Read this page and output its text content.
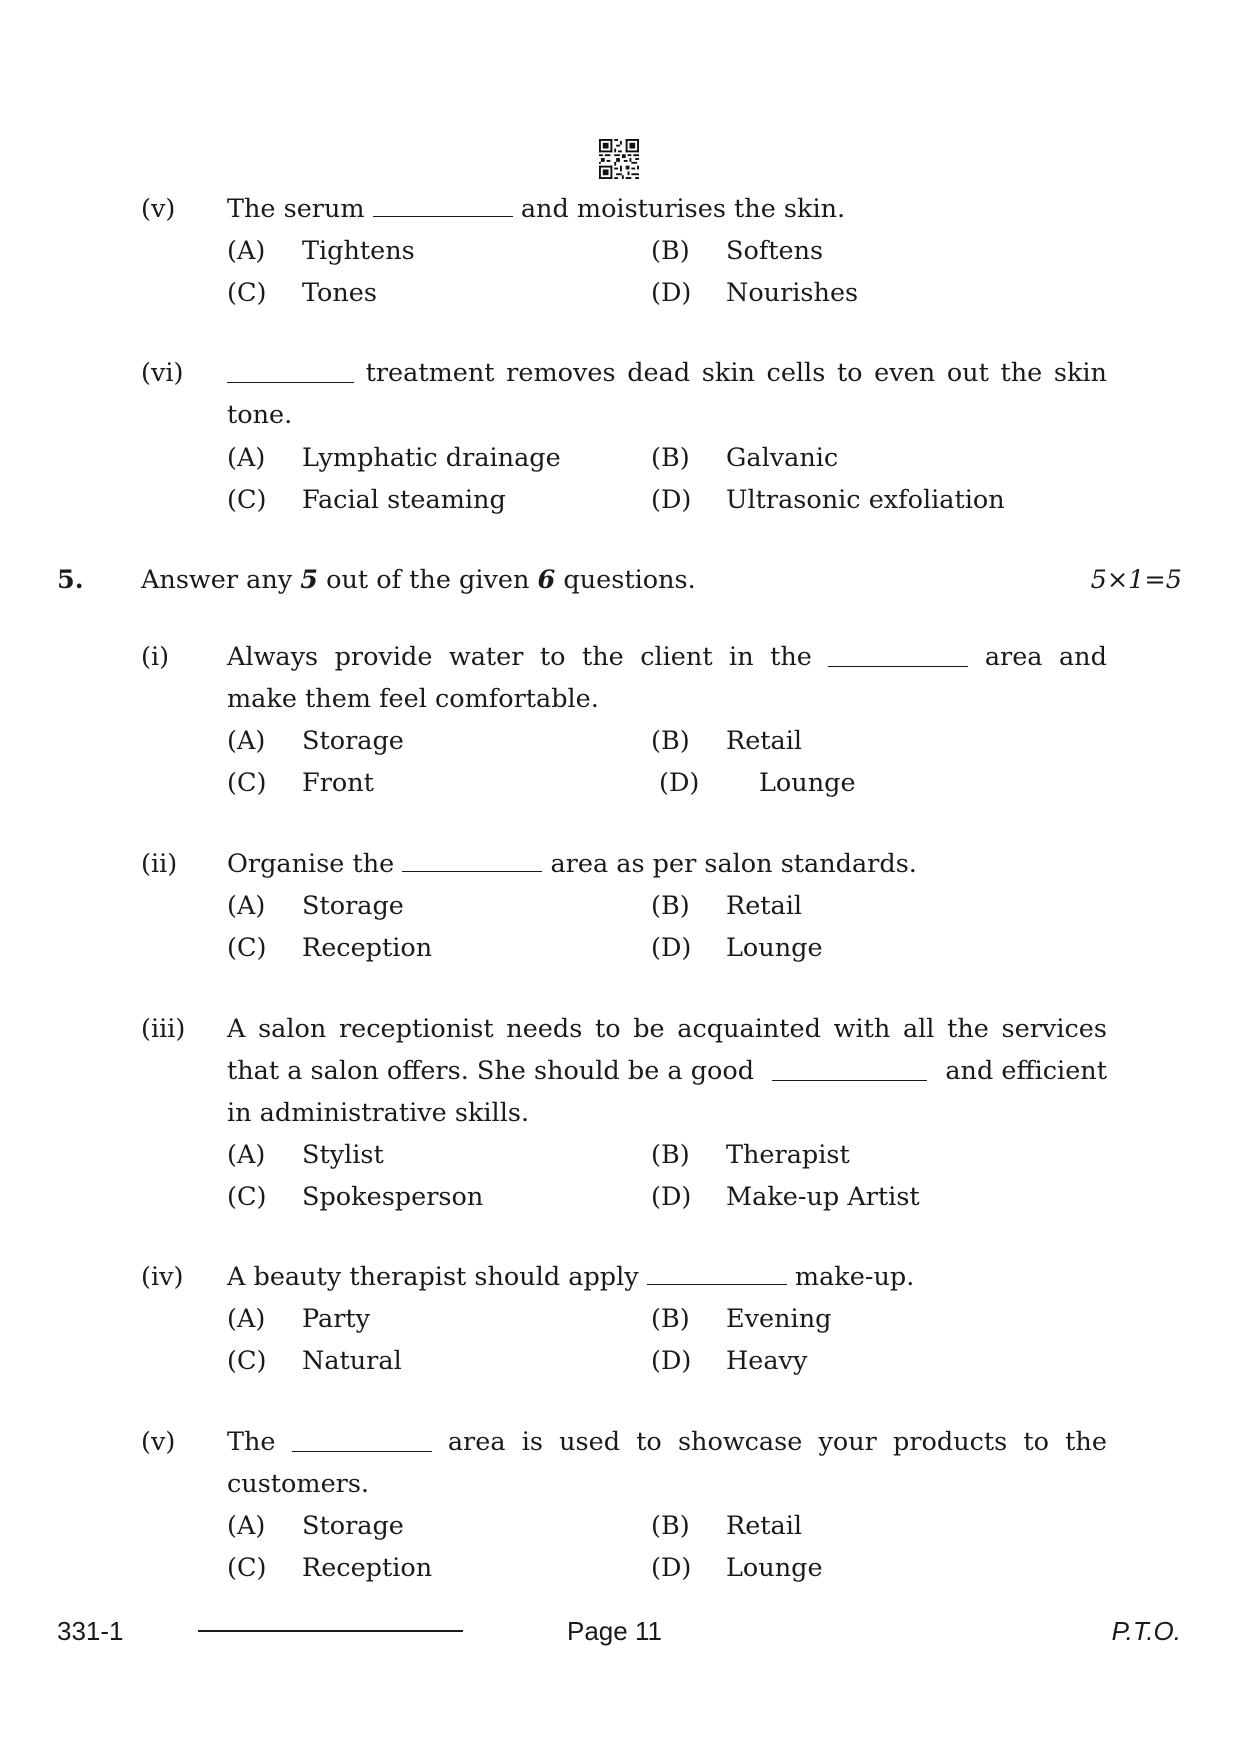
(v) The serum	and moisturises the skin.
(A) Tightens	(B) Softens
(C) Tones	(D) Nourishes
(vi)	treatment removes dead skin cells to even out the skin
tone.
(A) Lymphatic drainage	(B) Galvanic
(C) Facial steaming	(D) Ultrasonic exfoliation
5. Answer any 5 out of the given 6 questions.	5×1=5
(i) Always provide water to the client in the	area and
make them feel comfortable.
(A) Storage	(B) Retail
(C) Front	(D) Lounge
(ii) Organise the	area as per salon standards.
(A) Storage	(B) Retail
(C) Reception	(D) Lounge
(iii) A salon receptionist needs to be acquainted with all the services
that a salon offers. She should be a good	and efficient
in administrative skills.
(A) Stylist	(B) Therapist
(C) Spokesperson	(D) Make-up Artist
(iv) A beauty therapist should apply	make-up.
(A) Party	(B) Evening
(C) Natural	(D) Heavy
(v) The	area is used to showcase your products to the
customers.
(A) Storage	(B) Retail
(C) Reception	(D) Lounge
331-1	Page 11	P.T.O.
